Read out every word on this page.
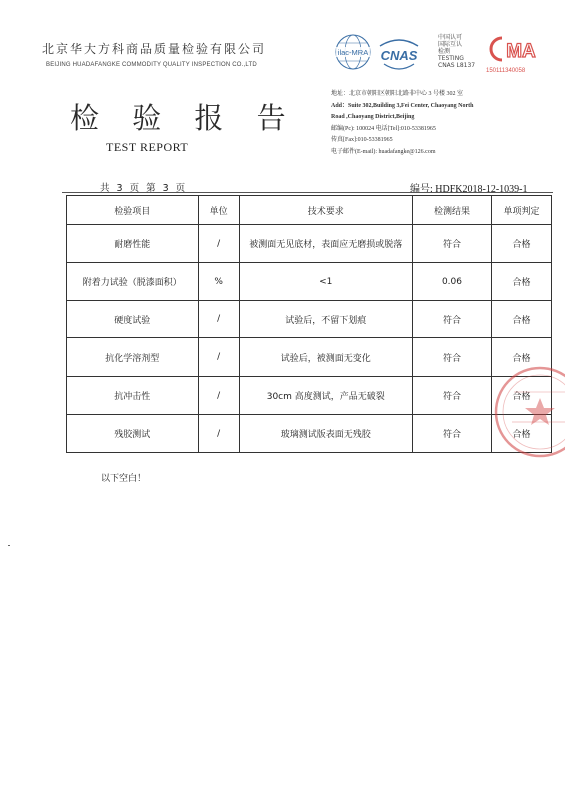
北京华大方科商品质量检验有限公司
BEIJING HUADAFANGKE COMMODITY QUALITY INSPECTION CO.,LTD
检 验 报 告
TEST REPORT
ilac-MRA CNAS
中国认可
国际互认
检测
TESTING
CNAS L8137
MA
150111340058
地址：北京市朝阳区朝阳北路非中心 3 号楼 302 室
Add：Suite 302,Building 3,Fei Center, Chaoyang North
Road ,Chaoyang District,Beijing
邮编(Pc): 100024 电话[Tel]:010-53381965
传真[Fax]:010-53381965
电子邮件(E-mail): huadafangke@126.com
共 3 页 第 3 页	编号: HDFK2018-12-1039-1
检验项目	单位	技术要求	检测结果	单项判定
耐磨性能	/	被测面无见底材，表面应无磨损或脱落	符合	合格
附着力试验（脱漆面积）	%	<1	0.06	合格
硬度试验	/	试验后，不留下划痕	符合	合格
抗化学溶剂型	/	试验后，被测面无变化	符合	合格
抗冲击性	/	30cm 高度测试，产品无破裂	符合	合格
残胶测试	/	玻璃测试版表面无残胶	符合	合格
以下空白！
